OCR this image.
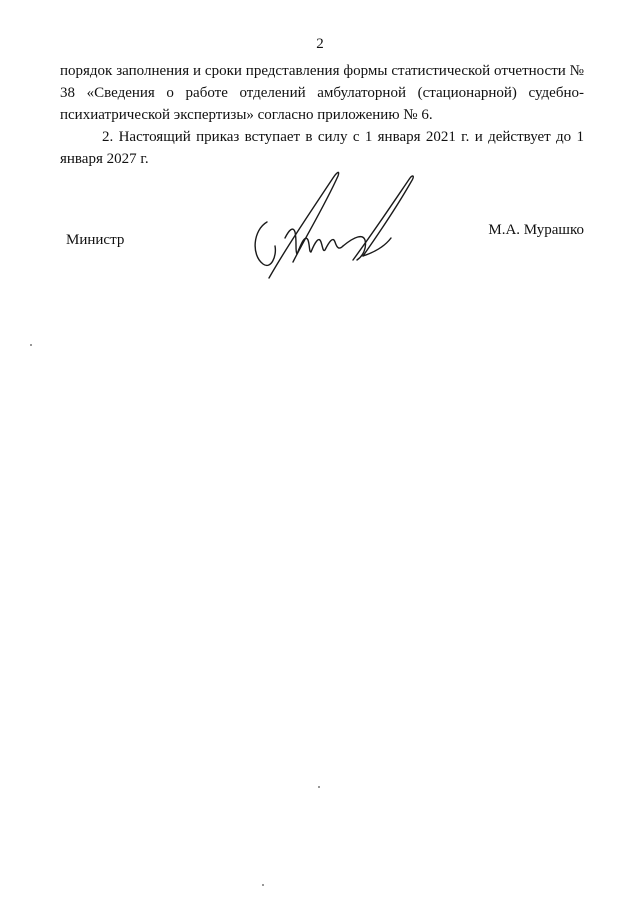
2

порядок заполнения и сроки представления формы статистической отчетности № 38 «Сведения о работе отделений амбулаторной (стационарной) судебно-психиатрической экспертизы» согласно приложению № 6.

2. Настоящий приказ вступает в силу с 1 января 2021 г. и действует до 1 января 2027 г.

Министр
М.А. Мурашко
